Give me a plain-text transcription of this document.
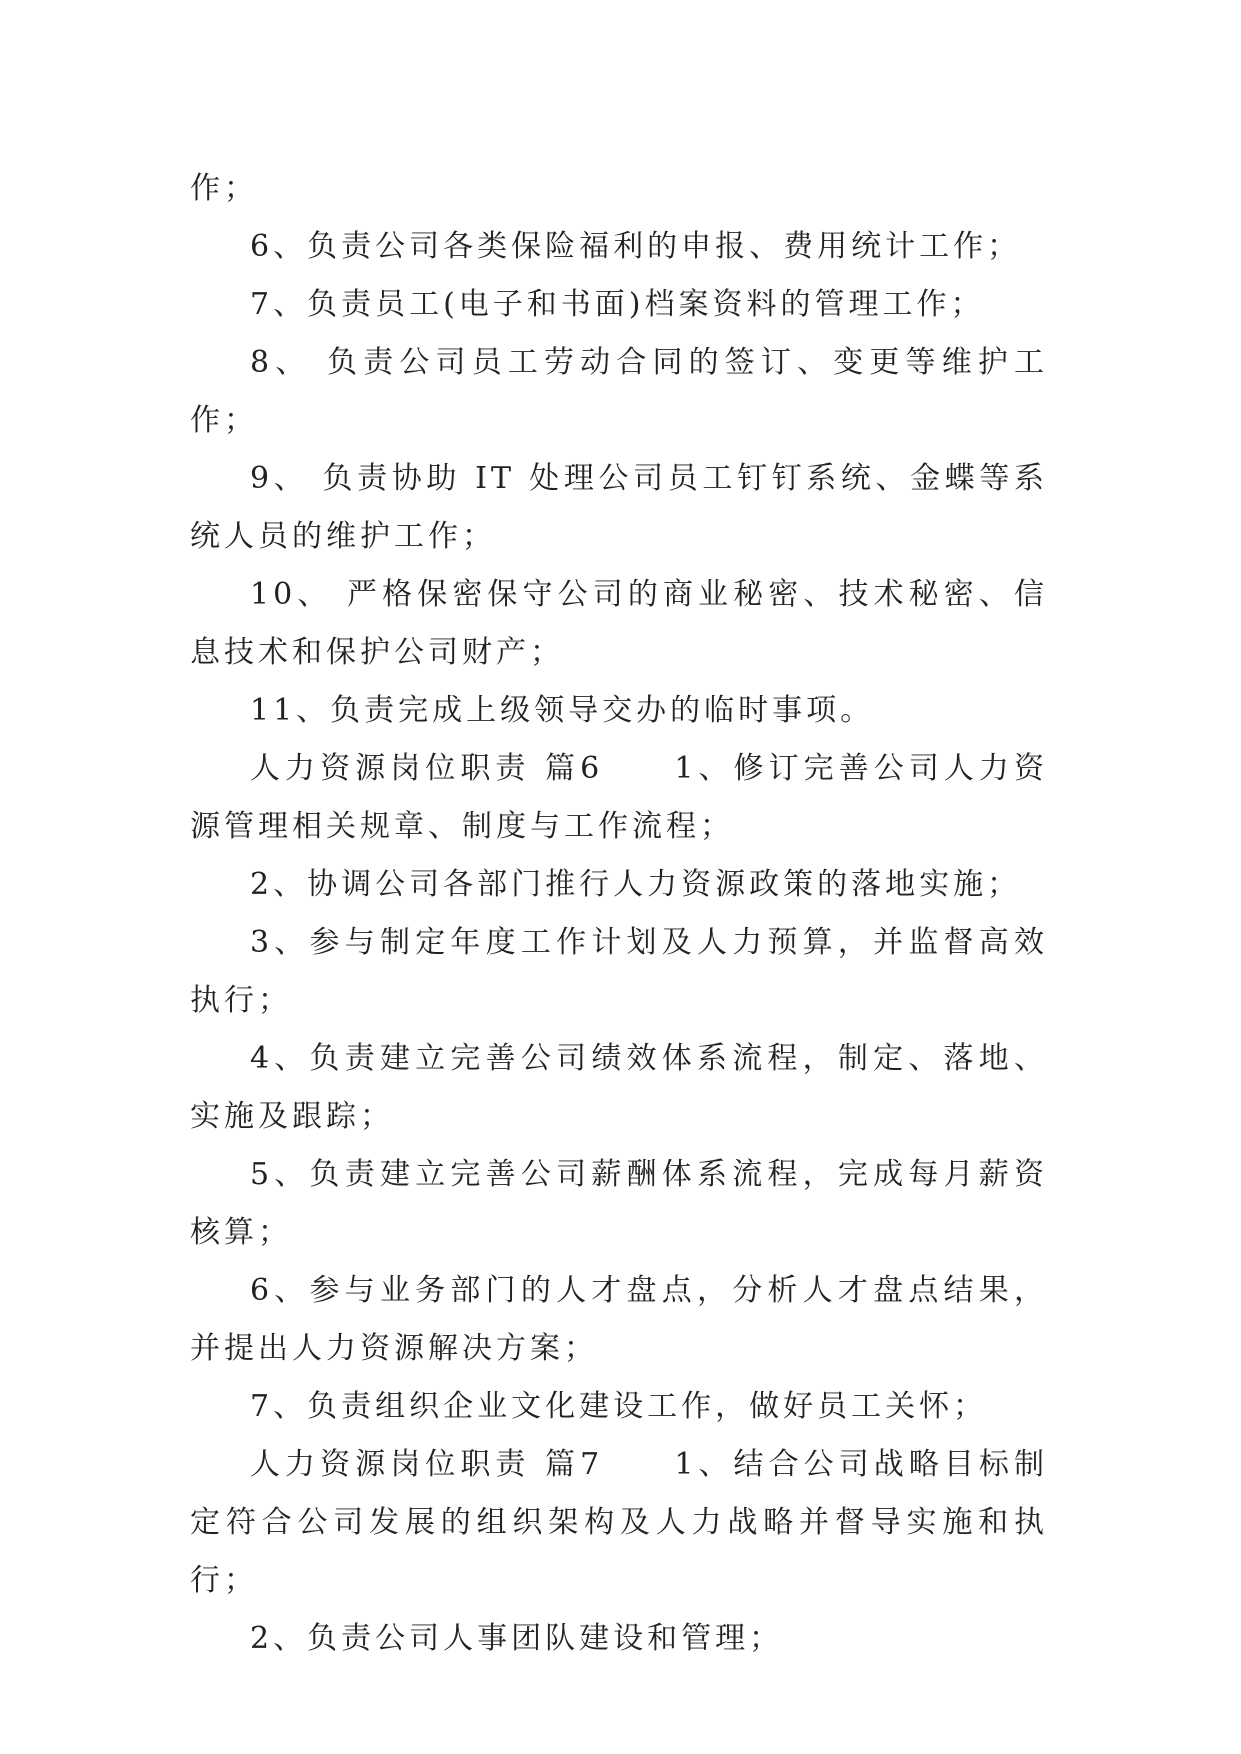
作；

6、负责公司各类保险福利的申报、费用统计工作；

7、负责员工(电子和书面)档案资料的管理工作；

8、 负责公司员工劳动合同的签订、变更等维护工作；

9、 负责协助 IT 处理公司员工钉钉系统、金蝶等系统人员的维护工作；

10、 严格保密保守公司的商业秘密、技术秘密、信息技术和保护公司财产；

11、负责完成上级领导交办的临时事项。

人力资源岗位职责 篇6　　1、修订完善公司人力资源管理相关规章、制度与工作流程；

2、协调公司各部门推行人力资源政策的落地实施；

3、参与制定年度工作计划及人力预算，并监督高效执行；

4、负责建立完善公司绩效体系流程，制定、落地、实施及跟踪；

5、负责建立完善公司薪酬体系流程，完成每月薪资核算；

6、参与业务部门的人才盘点，分析人才盘点结果，并提出人力资源解决方案；

7、负责组织企业文化建设工作，做好员工关怀；

人力资源岗位职责 篇7　　1、结合公司战略目标制定符合公司发展的组织架构及人力战略并督导实施和执行；

2、负责公司人事团队建设和管理；
